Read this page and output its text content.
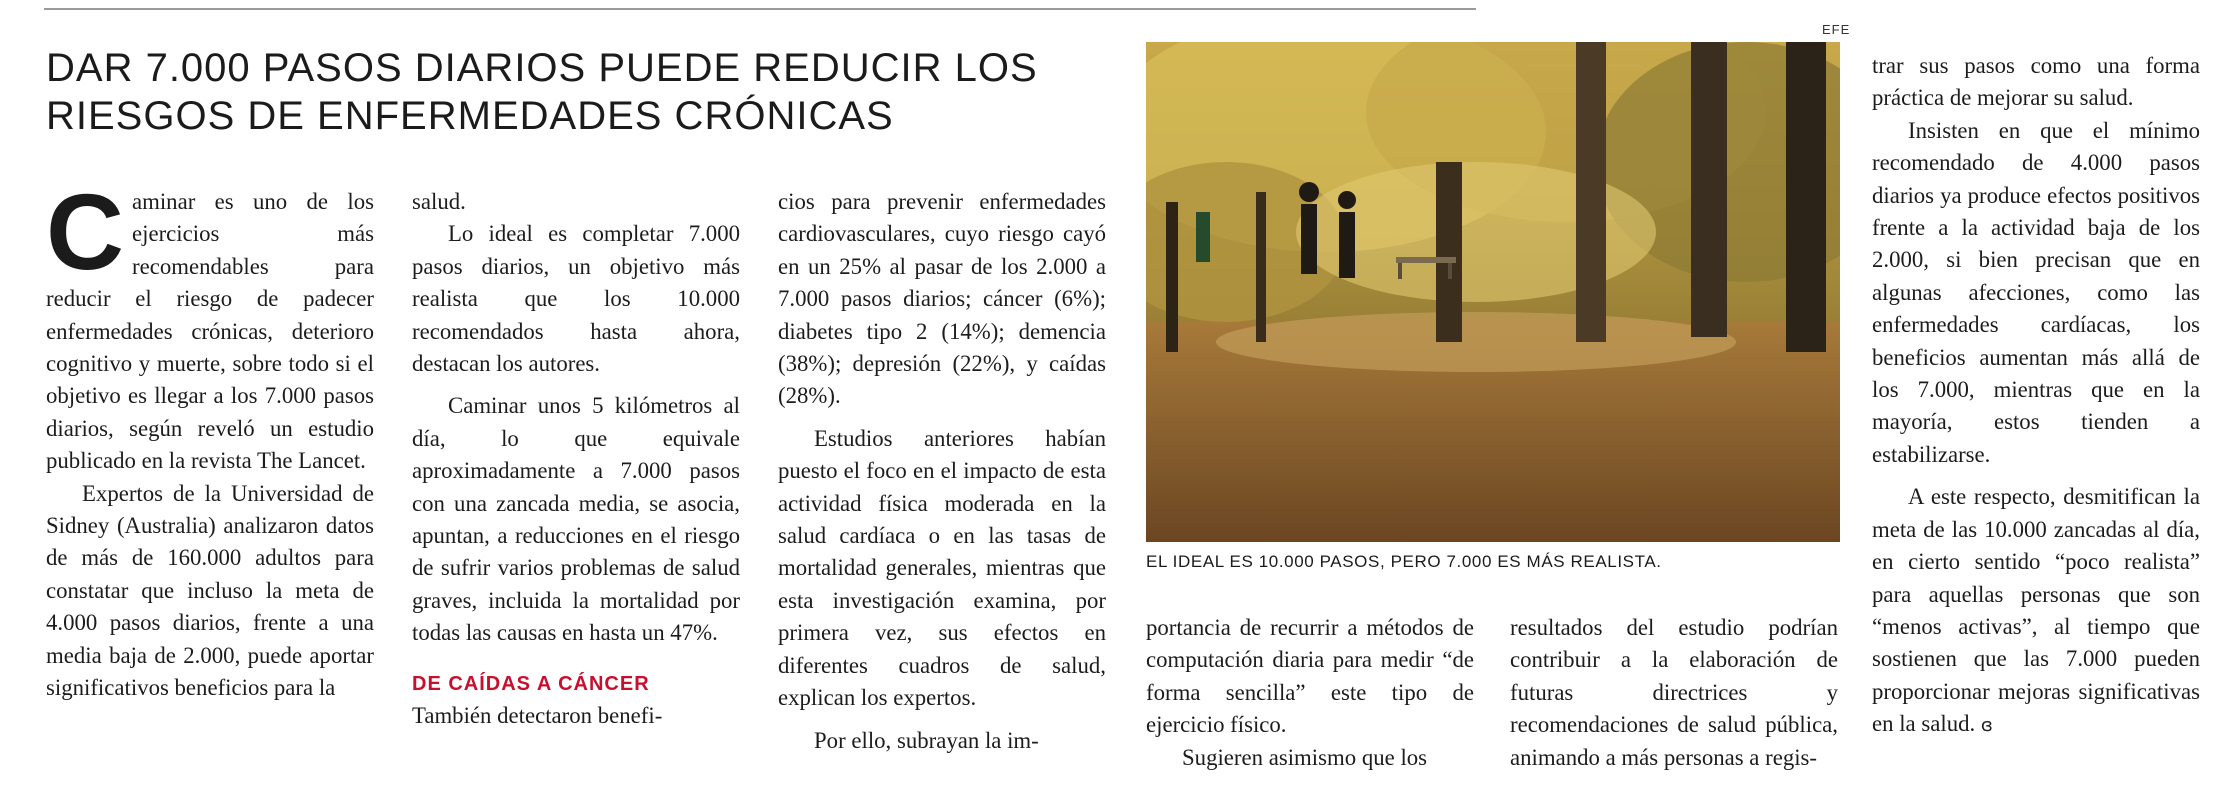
DAR 7.000 PASOS DIARIOS PUEDE REDUCIR LOS
RIESGOS DE ENFERMEDADES CRÓNICAS
C aminar es uno de los ejercicios más recomendables para reducir el riesgo de padecer enfermedades crónicas, deterioro cognitivo y muerte, sobre todo si el objetivo es llegar a los 7.000 pasos diarios, según reveló un estudio publicado en la revista The Lancet.

Expertos de la Universidad de Sidney (Australia) analizaron datos de más de 160.000 adultos para constatar que incluso la meta de 4.000 pasos diarios, frente a una media baja de 2.000, puede aportar significativos beneficios para la

salud.

Lo ideal es completar 7.000 pasos diarios, un objetivo más realista que los 10.000 recomendados hasta ahora, destacan los autores.

Caminar unos 5 kilómetros al día, lo que equivale aproximadamente a 7.000 pasos con una zancada media, se asocia, apuntan, a reducciones en el riesgo de sufrir varios problemas de salud graves, incluida la mortalidad por todas las causas en hasta un 47%.

DE CAÍDAS A CÁNCER

También detectaron benefi-

cios para prevenir enfermedades cardiovasculares, cuyo riesgo cayó en un 25% al pasar de los 2.000 a 7.000 pasos diarios; cáncer (6%); diabetes tipo 2 (14%); demencia (38%); depresión (22%), y caídas (28%).

Estudios anteriores habían puesto el foco en el impacto de esta actividad física moderada en la salud cardíaca o en las tasas de mortalidad generales, mientras que esta investigación examina, por primera vez, sus efectos en diferentes cuadros de salud, explican los expertos.

Por ello, subrayan la im-

EFE
EL IDEAL ES 10.000 PASOS, PERO 7.000 ES MÁS REALISTA.

portancia de recurrir a métodos de computación diaria para medir “de forma sencilla” este tipo de ejercicio físico.

Sugieren asimismo que los

resultados del estudio podrían contribuir a la elaboración de futuras directrices y recomendaciones de salud pública, animando a más personas a regis-

trar sus pasos como una forma práctica de mejorar su salud.

Insisten en que el mínimo recomendado de 4.000 pasos diarios ya produce efectos positivos frente a la actividad baja de los 2.000, si bien precisan que en algunas afecciones, como las enfermedades cardíacas, los beneficios aumentan más allá de los 7.000, mientras que en la mayoría, estos tienden a estabilizarse.

A este respecto, desmitifican la meta de las 10.000 zancadas al día, en cierto sentido “poco realista” para aquellas personas que son “menos activas”, al tiempo que sostienen que las 7.000 pueden proporcionar mejoras significativas en la salud. ɞ
